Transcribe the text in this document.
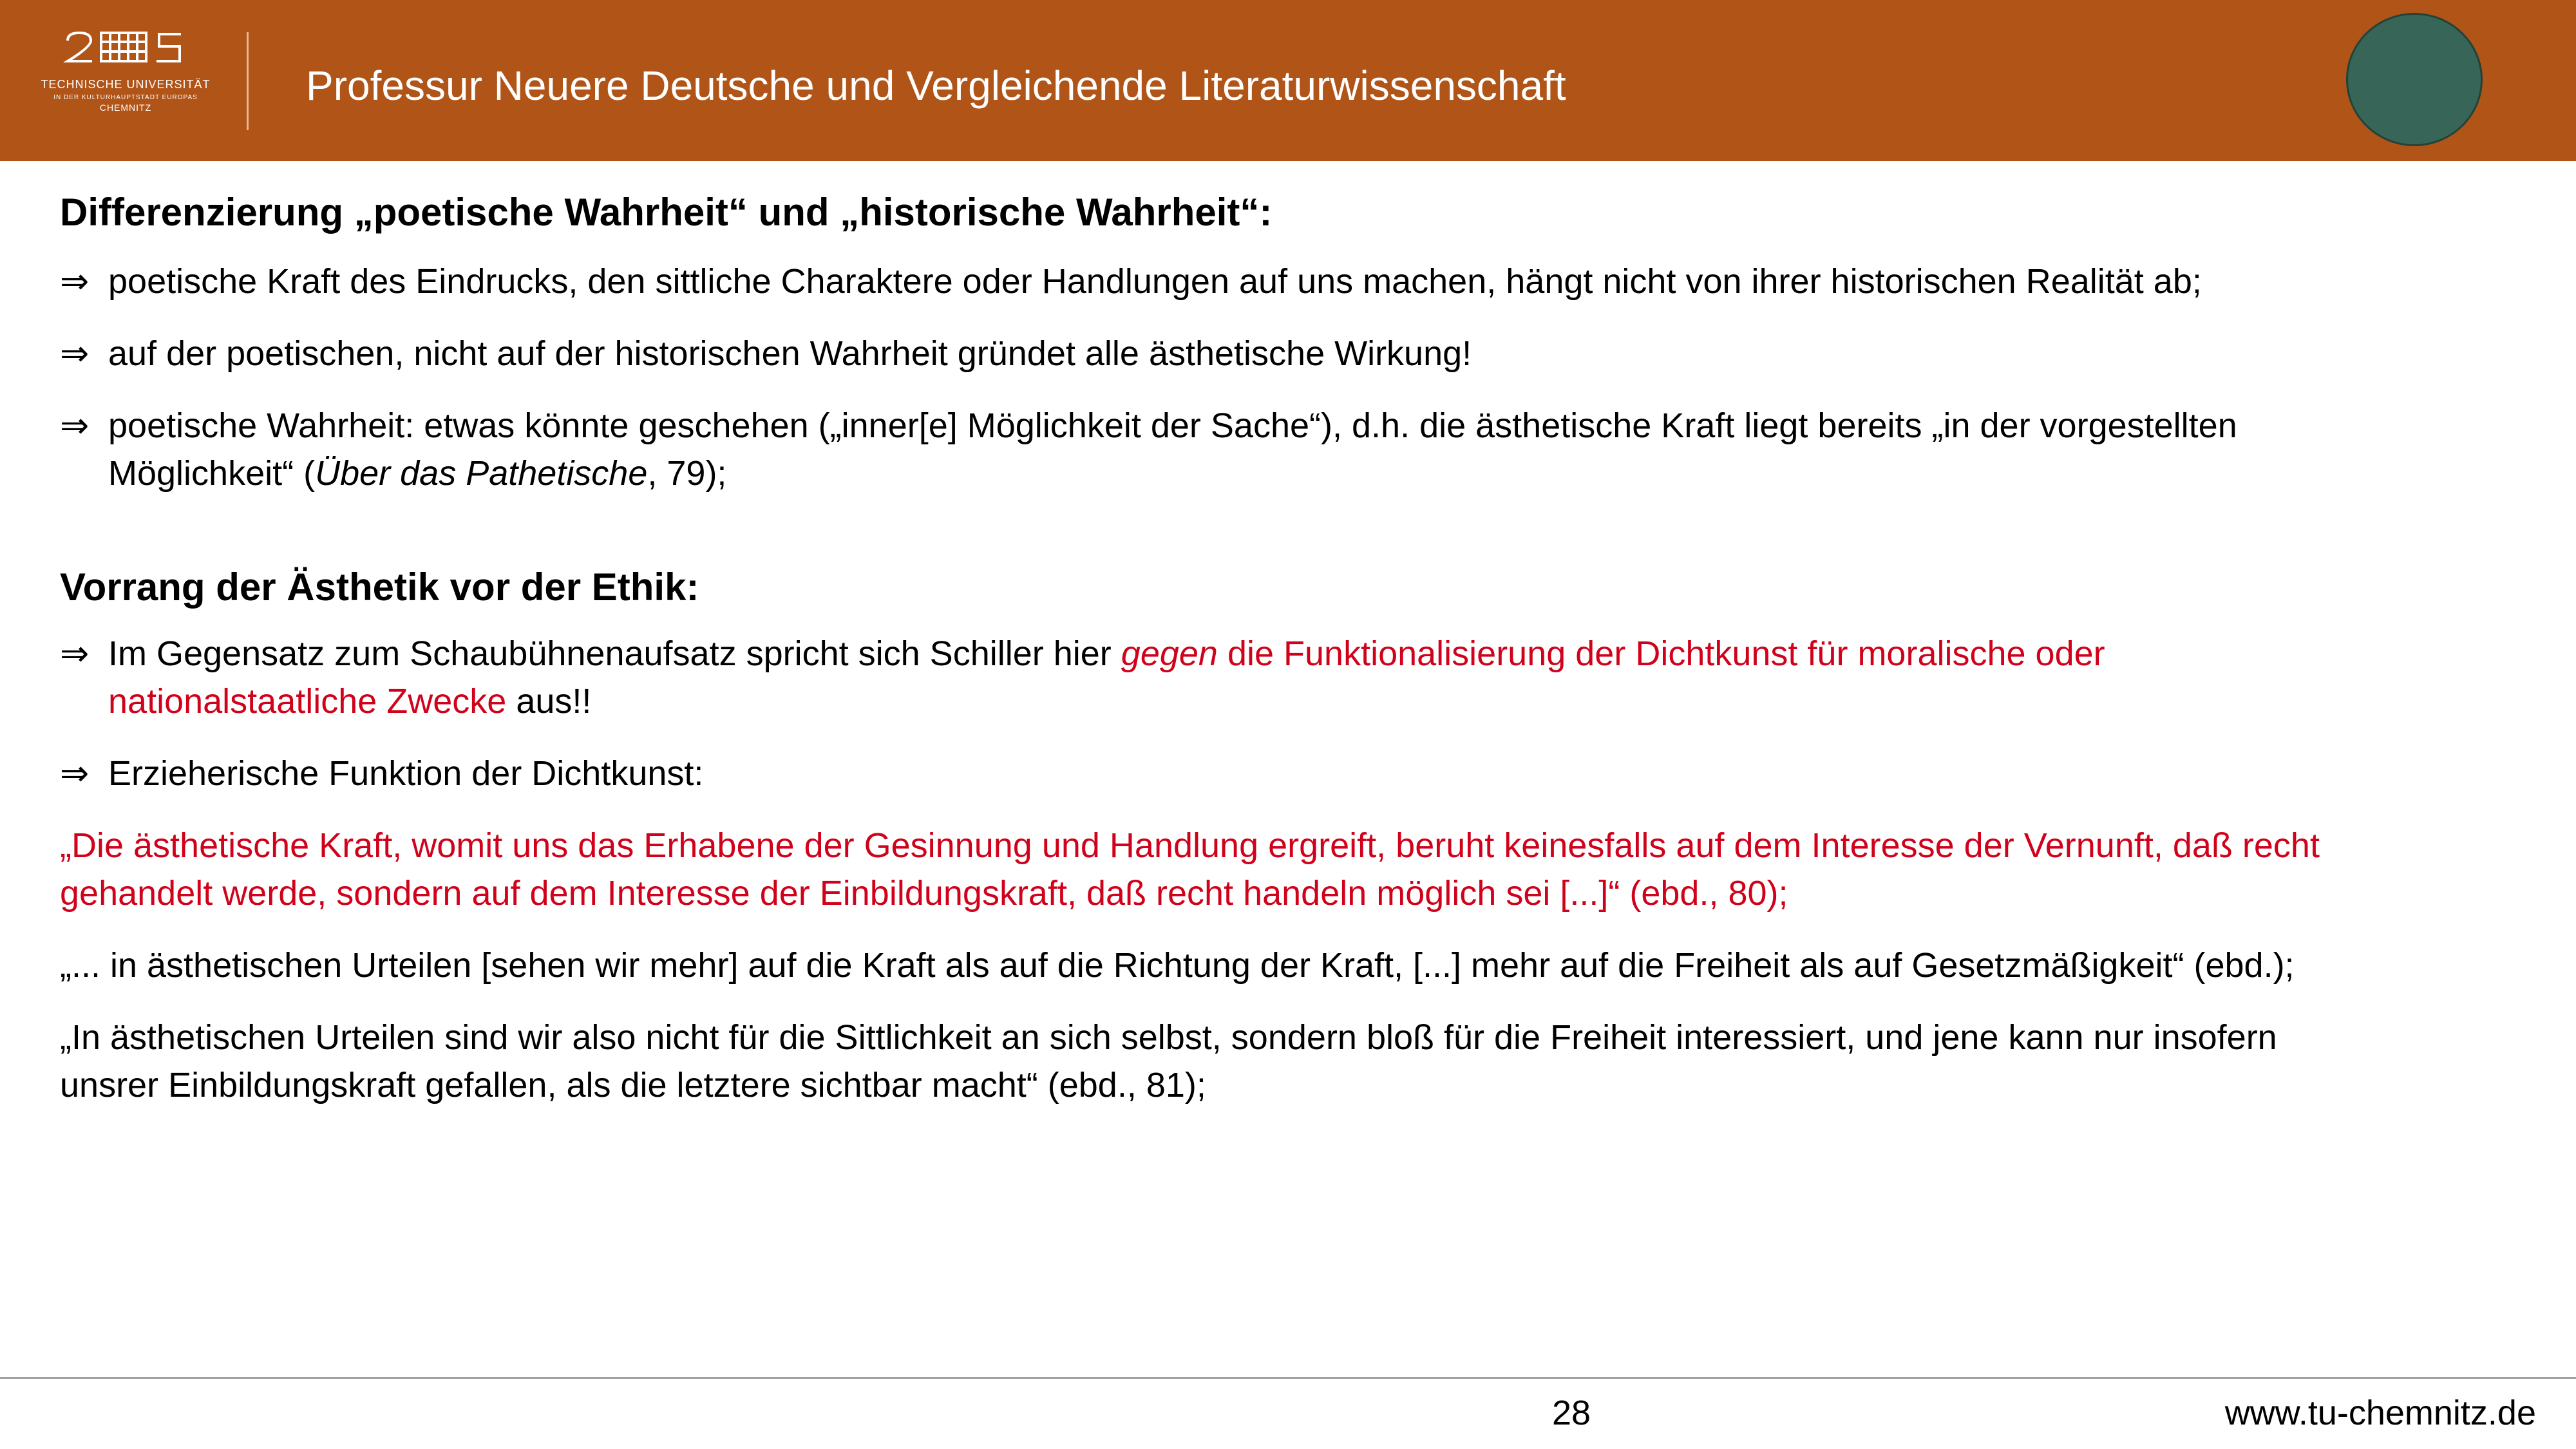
TECHNISCHE UNIVERSITÄT
IN DER KULTURHAUPTSTADT EUROPAS
CHEMNITZ	Professur Neuere Deutsche und Vergleichende Literaturwissenschaft
Differenzierung „poetische Wahrheit“ und „historische Wahrheit“:
⇒ poetische Kraft des Eindrucks, den sittliche Charaktere oder Handlungen auf uns machen, hängt nicht von ihrer historischen Realität ab;
⇒ auf der poetischen, nicht auf der historischen Wahrheit gründet alle ästhetische Wirkung!
⇒ poetische Wahrheit: etwas könnte geschehen („inner[e] Möglichkeit der Sache“), d.h. die ästhetische Kraft liegt bereits „in der vorgestellten
Möglichkeit“ (Über das Pathetische, 79);
Vorrang der Ästhetik vor der Ethik:
⇒ Im Gegensatz zum Schaubühnenaufsatz spricht sich Schiller hier gegen die Funktionalisierung der Dichtkunst für moralische oder
nationalstaatliche Zwecke aus!!
⇒ Erzieherische Funktion der Dichtkunst:
„Die ästhetische Kraft, womit uns das Erhabene der Gesinnung und Handlung ergreift, beruht keinesfalls auf dem Interesse der Vernunft, daß recht
gehandelt werde, sondern auf dem Interesse der Einbildungskraft, daß recht handeln möglich sei [...]“ (ebd., 80);
„... in ästhetischen Urteilen [sehen wir mehr] auf die Kraft als auf die Richtung der Kraft, [...] mehr auf die Freiheit als auf Gesetzmäßigkeit“ (ebd.);
„In ästhetischen Urteilen sind wir also nicht für die Sittlichkeit an sich selbst, sondern bloß für die Freiheit interessiert, und jene kann nur insofern
unsrer Einbildungskraft gefallen, als die letztere sichtbar macht“ (ebd., 81);
28	www.tu-chemnitz.de
